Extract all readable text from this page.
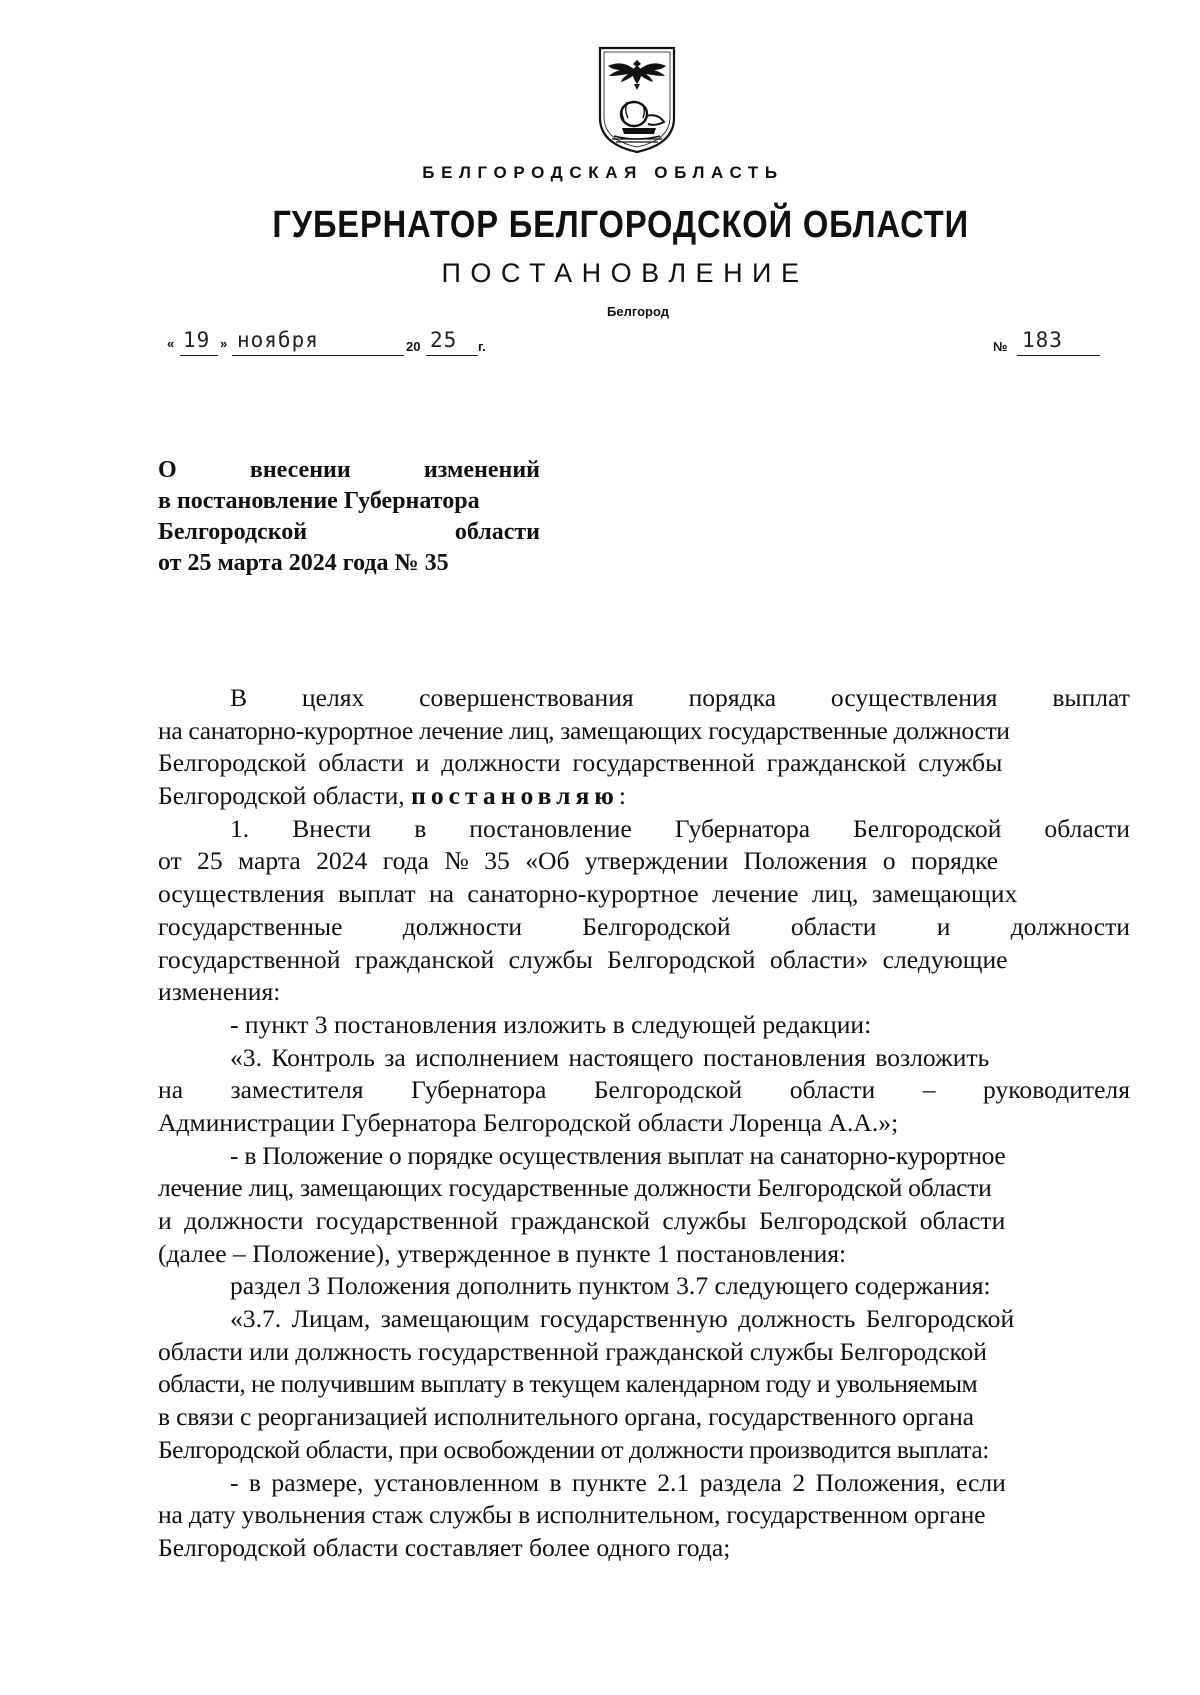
БЕЛГОРОДСКАЯ ОБЛАСТЬ
ГУБЕРНАТОР БЕЛГОРОДСКОЙ ОБЛАСТИ
ПОСТАНОВЛЕНИЕ
Белгород
« 19 » ноября	20 25 г.	№ 183
О	внесении	изменений
в постановление Губернатора
Белгородской	области
от 25 марта 2024 года № 35
В целях совершенствования порядка осуществления выплат
на санаторно-курортное лечение лиц, замещающих государственные должности
Белгородской области и должности государственной гражданской службы
Белгородской области, постановляю:
1. Внести в постановление Губернатора Белгородской области
от 25 марта 2024 года № 35 «Об утверждении Положения о порядке
осуществления выплат на санаторно-курортное лечение лиц, замещающих
государственные должности Белгородской области и должности
государственной гражданской службы Белгородской области» следующие
изменения:
- пункт 3 постановления изложить в следующей редакции:
«3. Контроль за исполнением настоящего постановления возложить
на заместителя Губернатора Белгородской области – руководителя
Администрации Губернатора Белгородской области Лоренца А.А.»;
- в Положение о порядке осуществления выплат на санаторно-курортное
лечение лиц, замещающих государственные должности Белгородской области
и должности государственной гражданской службы Белгородской области
(далее – Положение), утвержденное в пункте 1 постановления:
раздел 3 Положения дополнить пунктом 3.7 следующего содержания:
«3.7. Лицам, замещающим государственную должность Белгородской
области или должность государственной гражданской службы Белгородской
области, не получившим выплату в текущем календарном году и увольняемым
в связи с реорганизацией исполнительного органа, государственного органа
Белгородской области, при освобождении от должности производится выплата:
- в размере, установленном в пункте 2.1 раздела 2 Положения, если
на дату увольнения стаж службы в исполнительном, государственном органе
Белгородской области составляет более одного года;
